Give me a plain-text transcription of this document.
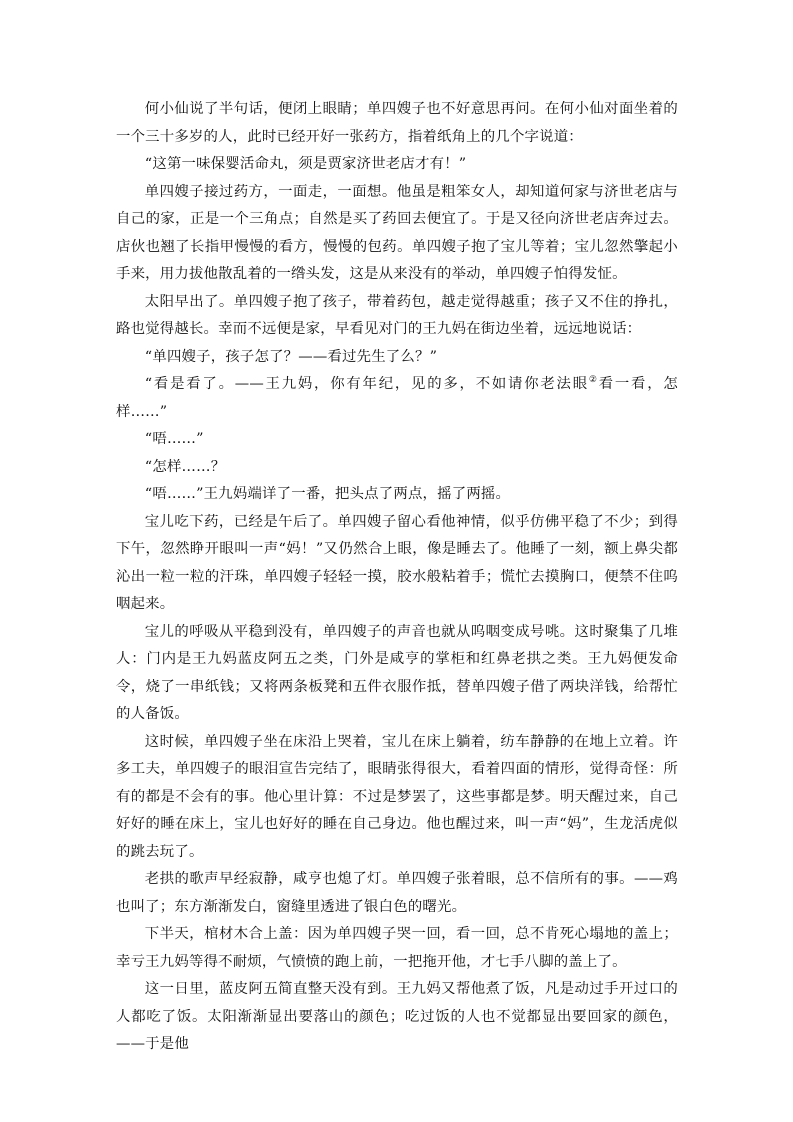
何小仙说了半句话，便闭上眼睛；单四嫂子也不好意思再问。在何小仙对面坐着的一个三十多岁的人，此时已经开好一张药方，指着纸角上的几个字说道：

“这第一味保婴活命丸，须是贾家济世老店才有！”

单四嫂子接过药方，一面走，一面想。他虽是粗笨女人，却知道何家与济世老店与自己的家，正是一个三角点；自然是买了药回去便宜了。于是又径向济世老店奔过去。店伙也翘了长指甲慢慢的看方，慢慢的包药。单四嫂子抱了宝儿等着；宝儿忽然擎起小手来，用力拔他散乱着的一绺头发，这是从来没有的举动，单四嫂子怕得发怔。

太阳早出了。单四嫂子抱了孩子，带着药包，越走觉得越重；孩子又不住的挣扎，路也觉得越长。幸而不远便是家，早看见对门的王九妈在街边坐着，远远地说话：

“单四嫂子，孩子怎了？——看过先生了么？”

“看是看了。——王九妈，你有年纪，见的多，不如请你老法眼②看一看，怎样……”

“唔……”

“怎样……？

“唔……”王九妈端详了一番，把头点了两点，摇了两摇。

宝儿吃下药，已经是午后了。单四嫂子留心看他神情，似乎仿佛平稳了不少；到得下午，忽然睁开眼叫一声“妈！”又仍然合上眼，像是睡去了。他睡了一刻，额上鼻尖都沁出一粒一粒的汗珠，单四嫂子轻轻一摸，胶水般粘着手；慌忙去摸胸口，便禁不住呜咽起来。

宝儿的呼吸从平稳到没有，单四嫂子的声音也就从呜咽变成号咷。这时聚集了几堆人：门内是王九妈蓝皮阿五之类，门外是咸亨的掌柜和红鼻老拱之类。王九妈便发命令，烧了一串纸钱；又将两条板凳和五件衣服作抵，替单四嫂子借了两块洋钱，给帮忙的人备饭。

这时候，单四嫂子坐在床沿上哭着，宝儿在床上躺着，纺车静静的在地上立着。许多工夫，单四嫂子的眼泪宣告完结了，眼睛张得很大，看着四面的情形，觉得奇怪：所有的都是不会有的事。他心里计算：不过是梦罢了，这些事都是梦。明天醒过来，自己好好的睡在床上，宝儿也好好的睡在自己身边。他也醒过来，叫一声“妈”，生龙活虎似的跳去玩了。

老拱的歌声早经寂静，咸亨也熄了灯。单四嫂子张着眼，总不信所有的事。——鸡也叫了；东方渐渐发白，窗缝里透进了银白色的曙光。

下半天，棺材木合上盖：因为单四嫂子哭一回，看一回，总不肯死心塌地的盖上；幸亏王九妈等得不耐烦，气愤愤的跑上前，一把拖开他，才七手八脚的盖上了。

这一日里，蓝皮阿五简直整天没有到。王九妈又帮他煮了饭，凡是动过手开过口的人都吃了饭。太阳渐渐显出要落山的颜色；吃过饭的人也不觉都显出要回家的颜色，——于是他
